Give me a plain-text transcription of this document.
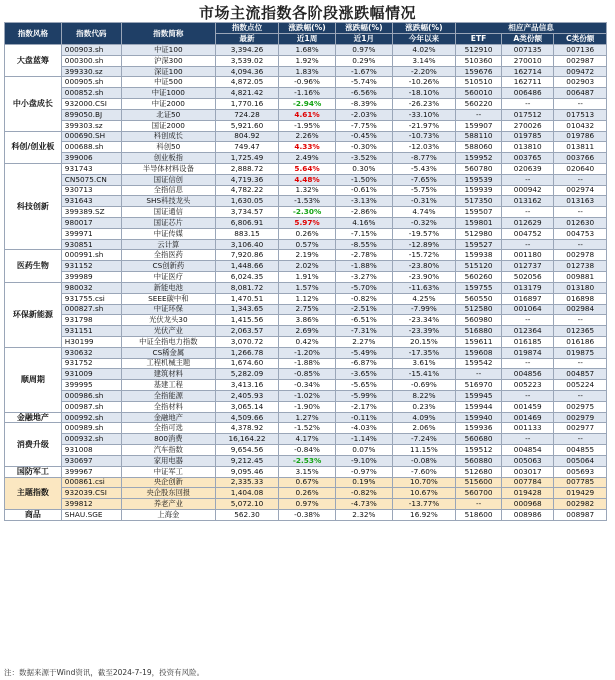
市场主流指数各阶段涨跌幅情况
指数风格	指数代码	指数简称	指数点位	涨跌幅(%)	涨跌幅(%)	涨跌幅(%)	相应产品信息		
			最新	近1周	近1月	今年以来	ETF	A类份额	C类份额
大盘蓝筹	000903.sh	中证100	3,394.26	1.68%	0.97%	4.02%	512910	007135	007136
	000300.sh	沪深300	3,539.02	1.92%	0.29%	3.14%	510360	270010	002987
	399330.sz	深证100	4,094.36	1.83%	-1.67%	-2.20%	159676	162714	009472
中小盘成长	000905.sh	中证500	4,872.05	-0.96%	-5.74%	-10.26%	510510	162711	002903
	000852.sh	中证1000	4,821.42	-1.16%	-6.56%	-18.10%	560010	006486	006487
	932000.CSI	中证2000	1,770.16	-2.94%	-8.39%	-26.23%	560220	--	--
	899050.BJ	北证50	724.28	4.61%	-2.03%	-33.10%	--	017512	017513
	399303.sz	国证2000	5,921.60	-1.95%	-7.75%	-21.97%	159907	270026	010432
科创/创业板	000690.SH	科创成长	804.92	2.26%	-0.45%	-10.73%	588110	019785	019786
	000688.sh	科创50	749.47	4.33%	-0.30%	-12.03%	588060	013810	013811
	399006	创业板指	1,725.49	2.49%	-3.52%	-8.77%	159952	003765	003766
科技创新	931743	半导体材料设备	2,888.72	5.64%	0.30%	-5.43%	560780	020639	020640
	CN5075.CN	国证信创	4,719.36	4.48%	-1.50%	-7.65%	159539	--	--
	930713	全指信息	4,782.22	1.32%	-0.61%	-5.75%	159939	000942	002974
	931643	SHS科技龙头	1,630.05	-1.53%	-3.13%	-0.31%	517350	013162	013163
	399389.SZ	国证通信	3,734.57	-2.30%	-2.86%	4.74%	159507	--	--
	980017	国证芯片	6,806.91	5.97%	4.16%	-0.32%	159801	012629	012630
	399971	中证传媒	883.15	0.26%	-7.15%	-19.57%	512980	004752	004753
	930851	云计算	3,106.40	0.57%	-8.55%	-12.89%	159527	--	--
医药生物	000991.sh	全指医药	7,920.86	2.19%	-2.78%	-15.72%	159938	001180	002978
	931152	CS创新药	1,448.66	2.02%	-1.88%	-23.80%	515120	012737	012738
	399989	中证医疗	6,024.35	1.91%	-3.27%	-23.90%	560260	502056	009881
环保新能源	980032	新能电池	8,081.72	1.57%	-5.70%	-11.63%	159755	013179	013180
	931755.csi	SEEE碳中和	1,470.51	1.12%	-0.82%	4.25%	560550	016897	016898
	000827.sh	中证环保	1,343.65	2.75%	-2.51%	-7.99%	512580	001064	002984
	931798	光伏龙头30	1,415.56	3.86%	-6.51%	-23.34%	560980	--	--
	931151	光伏产业	2,063.57	2.69%	-7.31%	-23.39%	516880	012364	012365
	H30199	中证全指电力指数	3,070.72	0.42%	2.27%	20.15%	159611	016185	016186
顺周期	930632	CS稀金属	1,266.78	-1.20%	-5.49%	-17.35%	159608	019874	019875
	931752	工程机械主题	1,674.60	-1.88%	-6.87%	3.61%	159542	--	--
	931009	建筑材料	5,282.09	-0.85%	-3.65%	-15.41%	--	004856	004857
	399995	基建工程	3,413.16	-0.34%	-5.65%	-0.69%	516970	005223	005224
	000986.sh	全指能源	2,405.93	-1.02%	-5.99%	8.22%	159945	--	--
	000987.sh	全指材料	3,065.14	-1.90%	-2.17%	0.23%	159944	001459	002975
金融地产	000992.sh	金融地产	4,509.66	1.27%	-0.11%	4.09%	159940	001469	002979
消费升级	000989.sh	全指可选	4,378.92	-1.52%	-4.03%	2.06%	159936	001133	002977
	000932.sh	800消费	16,164.22	4.17%	-1.14%	-7.24%	560680	--	--
	931008	汽车指数	9,654.56	-0.84%	0.07%	11.15%	159512	004854	004855
	930697	家用电器	9,212.45	-2.53%	-9.10%	-0.08%	560880	005063	005064
国防军工	399967	中证军工	9,095.46	3.15%	-0.97%	-7.60%	512680	003017	005693
主题指数	000861.csi	央企创新	2,335.33	0.67%	0.19%	10.70%	515600	007784	007785
	932039.CSI	央企股东回报	1,404.08	0.26%	-0.82%	10.67%	560700	019428	019429
	399812	养老产业	5,072.10	0.97%	-4.73%	-13.77%	--	000968	002982
商品	SHAU.SGE	上海金	562.30	-0.38%	2.32%	16.92%	518600	008986	008987
注：数据来源于Wind资讯，截至2024-7-19，投资有风险。
